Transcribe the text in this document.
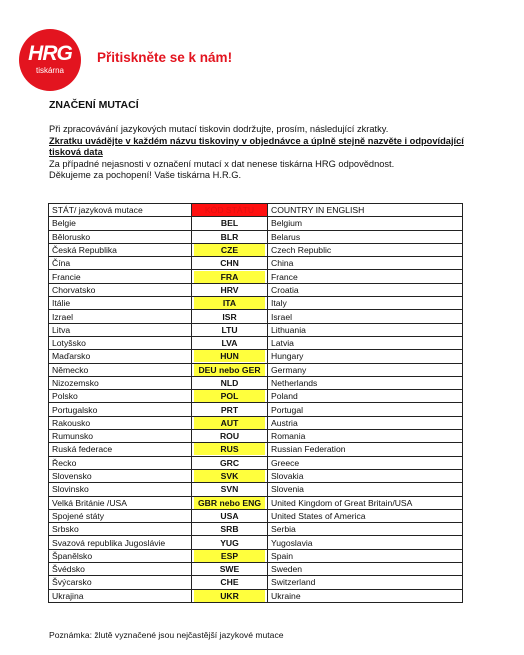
HRG
tiskárna
Přitiskněte se k nám!
ZNAČENÍ MUTACÍ
Při zpracovávání jazykových mutací tiskovin dodržujte, prosím, následující zkratky.
Zkratku uvádějte v každém názvu tiskoviny v objednávce a úplně stejně nazvěte i odpovídající tisková data
Za případné nejasnosti v označení mutací x dat nenese tiskárna HRG odpovědnost.
Děkujeme za pochopení! Vaše tiskárna H.R.G.
STÁT/ jazyková mutace	KÓD STÁTU	COUNTRY IN ENGLISH
Belgie	BEL	Belgium
Bělorusko	BLR	Belarus
Česká Republika	CZE	Czech Republic
Čína	CHN	China
Francie	FRA	France
Chorvatsko	HRV	Croatia
Itálie	ITA	Italy
Izrael	ISR	Israel
Litva	LTU	Lithuania
Lotyšsko	LVA	Latvia
Maďarsko	HUN	Hungary
Německo	DEU nebo GER	Germany
Nizozemsko	NLD	Netherlands
Polsko	POL	Poland
Portugalsko	PRT	Portugal
Rakousko	AUT	Austria
Rumunsko	ROU	Romania
Ruská federace	RUS	Russian Federation
Řecko	GRC	Greece
Slovensko	SVK	Slovakia
Slovinsko	SVN	Slovenia
Velká Británie /USA	GBR nebo ENG	United Kingdom of Great Britain/USA
Spojené státy	USA	United States of America
Srbsko	SRB	Serbia
Svazová republika Jugoslávie	YUG	Yugoslavia
Španělsko	ESP	Spain
Švédsko	SWE	Sweden
Švýcarsko	CHE	Switzerland
Ukrajina	UKR	Ukraine
Poznámka: žlutě vyznačené jsou nejčastější jazykové mutace
